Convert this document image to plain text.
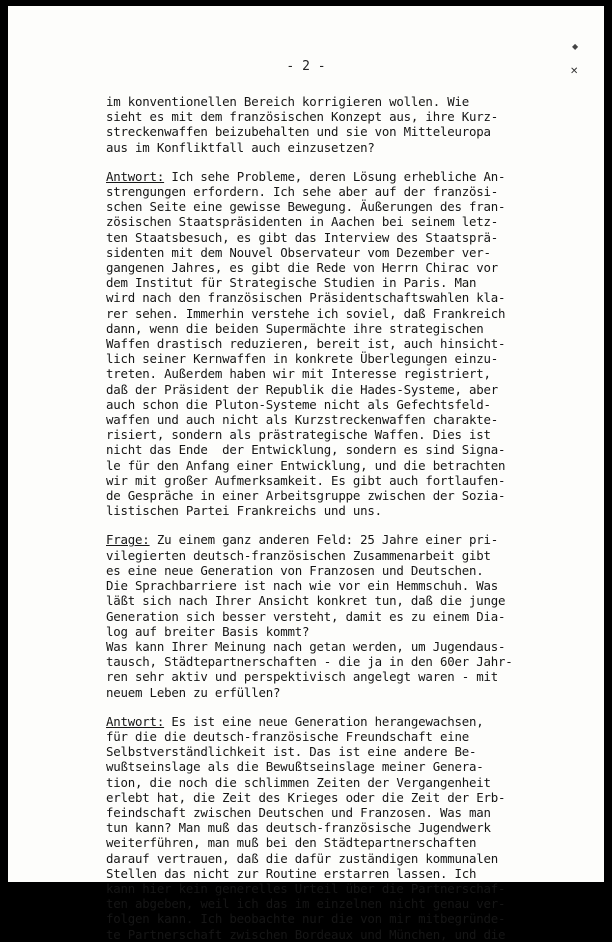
◆
✕
- 2 -
im konventionellen Bereich korrigieren wollen. Wie
sieht es mit dem französischen Konzept aus, ihre Kurz-
streckenwaffen beizubehalten und sie von Mitteleuropa
aus im Konfliktfall auch einzusetzen?
Antwort: Ich sehe Probleme, deren Lösung erhebliche An-
strengungen erfordern. Ich sehe aber auf der französi-
schen Seite eine gewisse Bewegung. Äußerungen des fran-
zösischen Staatspräsidenten in Aachen bei seinem letz-
ten Staatsbesuch, es gibt das Interview des Staatsprä-
sidenten mit dem Nouvel Observateur vom Dezember ver-
gangenen Jahres, es gibt die Rede von Herrn Chirac vor
dem Institut für Strategische Studien in Paris. Man
wird nach den französischen Präsidentschaftswahlen kla-
rer sehen. Immerhin verstehe ich soviel, daß Frankreich
dann, wenn die beiden Supermächte ihre strategischen
Waffen drastisch reduzieren, bereit ist, auch hinsicht-
lich seiner Kernwaffen in konkrete Überlegungen einzu-
treten. Außerdem haben wir mit Interesse registriert,
daß der Präsident der Republik die Hades-Systeme, aber
auch schon die Pluton-Systeme nicht als Gefechtsfeld-
waffen und auch nicht als Kurzstreckenwaffen charakte-
risiert, sondern als prästrategische Waffen. Dies ist
nicht das Ende  der Entwicklung, sondern es sind Signa-
le für den Anfang einer Entwicklung, und die betrachten
wir mit großer Aufmerksamkeit. Es gibt auch fortlaufen-
de Gespräche in einer Arbeitsgruppe zwischen der Sozia-
listischen Partei Frankreichs und uns.
Frage: Zu einem ganz anderen Feld: 25 Jahre einer pri-
vilegierten deutsch-französischen Zusammenarbeit gibt
es eine neue Generation von Franzosen und Deutschen.
Die Sprachbarriere ist nach wie vor ein Hemmschuh. Was
läßt sich nach Ihrer Ansicht konkret tun, daß die junge
Generation sich besser versteht, damit es zu einem Dia-
log auf breiter Basis kommt?
Was kann Ihrer Meinung nach getan werden, um Jugendaus-
tausch, Städtepartnerschaften - die ja in den 60er Jahr-
ren sehr aktiv und perspektivisch angelegt waren - mit
neuem Leben zu erfüllen?
Antwort: Es ist eine neue Generation herangewachsen,
für die die deutsch-französische Freundschaft eine
Selbstverständlichkeit ist. Das ist eine andere Be-
wußtseinslage als die Bewußtseinslage meiner Genera-
tion, die noch die schlimmen Zeiten der Vergangenheit
erlebt hat, die Zeit des Krieges oder die Zeit der Erb-
feindschaft zwischen Deutschen und Franzosen. Was man
tun kann? Man muß das deutsch-französische Jugendwerk
weiterführen, man muß bei den Städtepartnerschaften
darauf vertrauen, daß die dafür zuständigen kommunalen
Stellen das nicht zur Routine erstarren lassen. Ich
kann hier kein generelles Urteil über die Partnerschaf-
ten abgeben, weil ich das im einzelnen nicht genau ver-
folgen kann. Ich beobachte nur die von mir mitbegründe-
te Partnerschaft zwischen Bordeaux und München, und die
